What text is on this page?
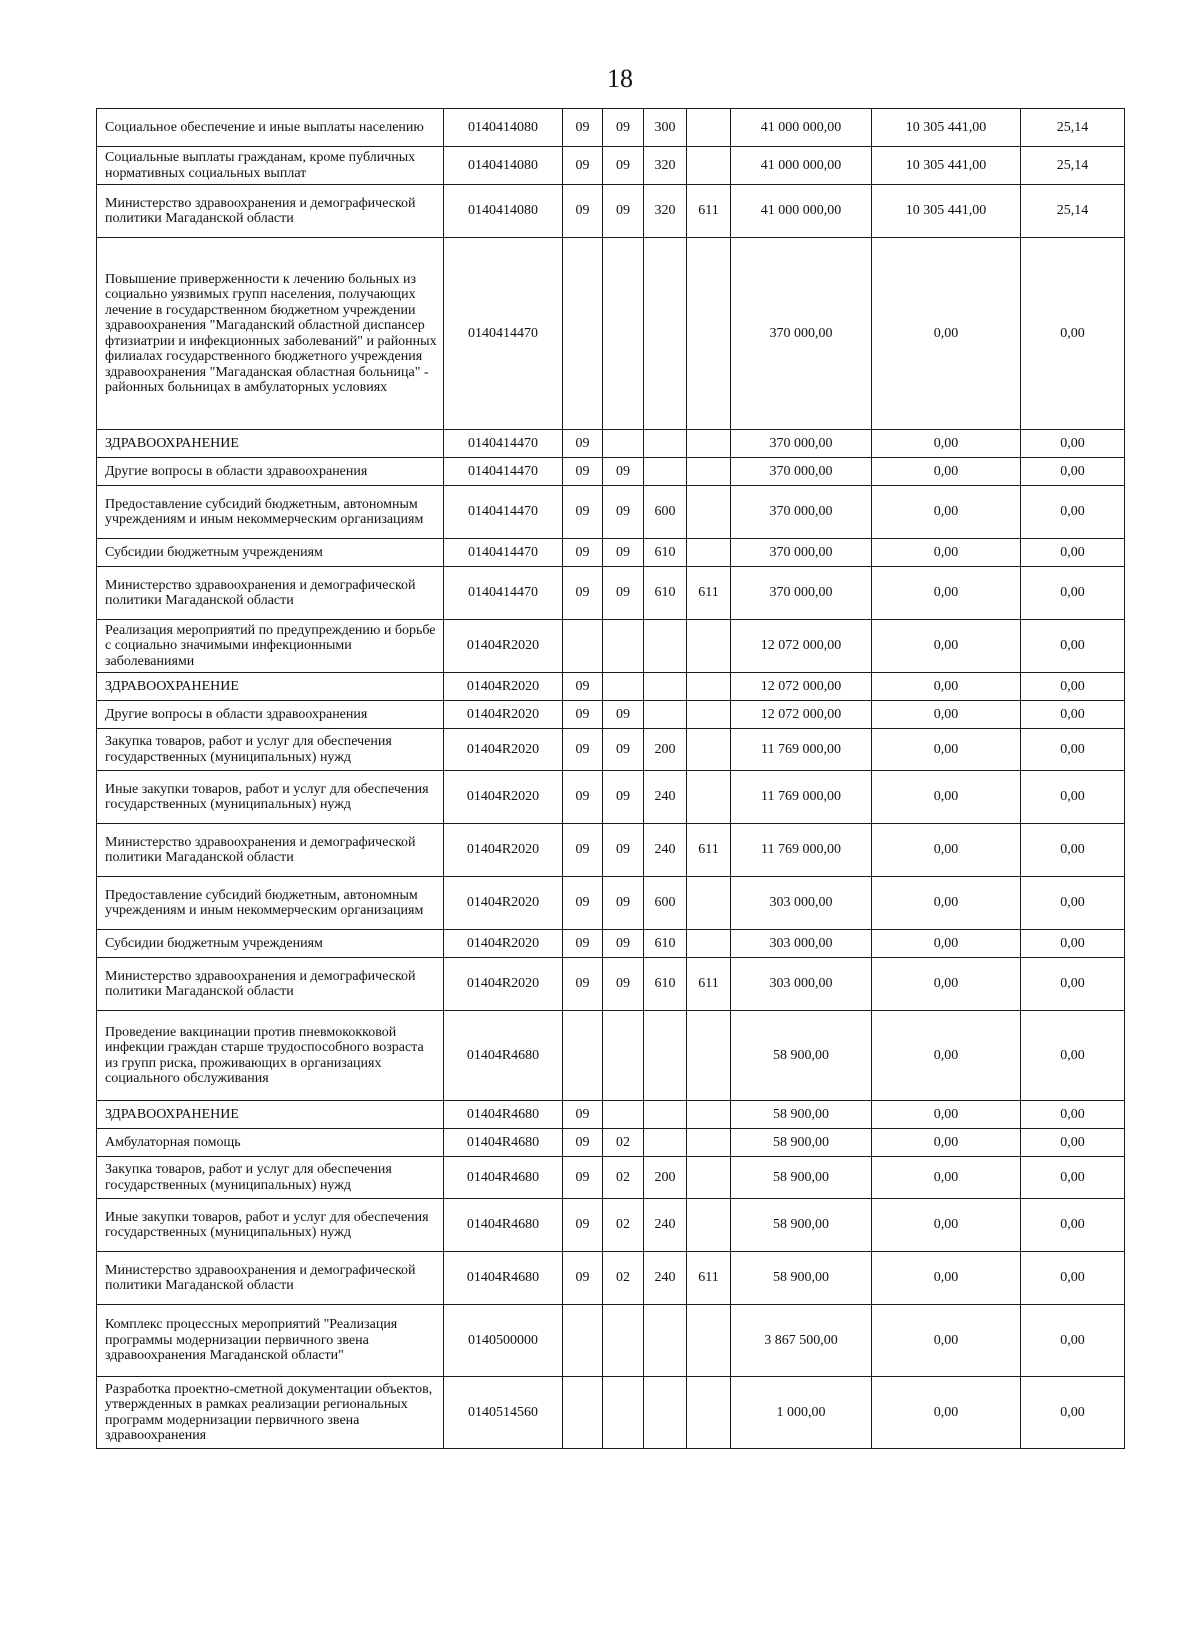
18
Социальное обеспечение и иные выплаты населению	0140414080	09	09	300		41 000 000,00	10 305 441,00	25,14
Социальные выплаты гражданам, кроме публичных нормативных социальных выплат	0140414080	09	09	320		41 000 000,00	10 305 441,00	25,14
Министерство здравоохранения и демографической политики Магаданской области	0140414080	09	09	320	611	41 000 000,00	10 305 441,00	25,14
Повышение приверженности к лечению больных из социально уязвимых групп населения, получающих лечение в государственном бюджетном учреждении здравоохранения "Магаданский областной диспансер фтизиатрии и инфекционных заболеваний" и районных филиалах государственного бюджетного учреждения здравоохранения "Магаданская областная больница" - районных больницах в амбулаторных условиях	0140414470					370 000,00	0,00	0,00
ЗДРАВООХРАНЕНИЕ	0140414470	09				370 000,00	0,00	0,00
Другие вопросы в области здравоохранения	0140414470	09	09			370 000,00	0,00	0,00
Предоставление субсидий бюджетным, автономным учреждениям и иным некоммерческим организациям	0140414470	09	09	600		370 000,00	0,00	0,00
Субсидии бюджетным учреждениям	0140414470	09	09	610		370 000,00	0,00	0,00
Министерство здравоохранения и демографической политики Магаданской области	0140414470	09	09	610	611	370 000,00	0,00	0,00
Реализация мероприятий по предупреждению и борьбе с социально значимыми инфекционными заболеваниями	01404R2020					12 072 000,00	0,00	0,00
ЗДРАВООХРАНЕНИЕ	01404R2020	09				12 072 000,00	0,00	0,00
Другие вопросы в области здравоохранения	01404R2020	09	09			12 072 000,00	0,00	0,00
Закупка товаров, работ и услуг для обеспечения государственных (муниципальных) нужд	01404R2020	09	09	200		11 769 000,00	0,00	0,00
Иные закупки товаров, работ и услуг для обеспечения государственных (муниципальных) нужд	01404R2020	09	09	240		11 769 000,00	0,00	0,00
Министерство здравоохранения и демографической политики Магаданской области	01404R2020	09	09	240	611	11 769 000,00	0,00	0,00
Предоставление субсидий бюджетным, автономным учреждениям и иным некоммерческим организациям	01404R2020	09	09	600		303 000,00	0,00	0,00
Субсидии бюджетным учреждениям	01404R2020	09	09	610		303 000,00	0,00	0,00
Министерство здравоохранения и демографической политики Магаданской области	01404R2020	09	09	610	611	303 000,00	0,00	0,00
Проведение вакцинации против пневмококковой инфекции граждан старше трудоспособного возраста из групп риска, проживающих в организациях социального обслуживания	01404R4680					58 900,00	0,00	0,00
ЗДРАВООХРАНЕНИЕ	01404R4680	09				58 900,00	0,00	0,00
Амбулаторная помощь	01404R4680	09	02			58 900,00	0,00	0,00
Закупка товаров, работ и услуг для обеспечения государственных (муниципальных) нужд	01404R4680	09	02	200		58 900,00	0,00	0,00
Иные закупки товаров, работ и услуг для обеспечения государственных (муниципальных) нужд	01404R4680	09	02	240		58 900,00	0,00	0,00
Министерство здравоохранения и демографической политики Магаданской области	01404R4680	09	02	240	611	58 900,00	0,00	0,00
Комплекс процессных мероприятий "Реализация программы модернизации первичного звена здравоохранения Магаданской области"	0140500000					3 867 500,00	0,00	0,00
Разработка проектно-сметной документации объектов, утвержденных в рамках реализации региональных программ модернизации первичного звена здравоохранения	0140514560					1 000,00	0,00	0,00
